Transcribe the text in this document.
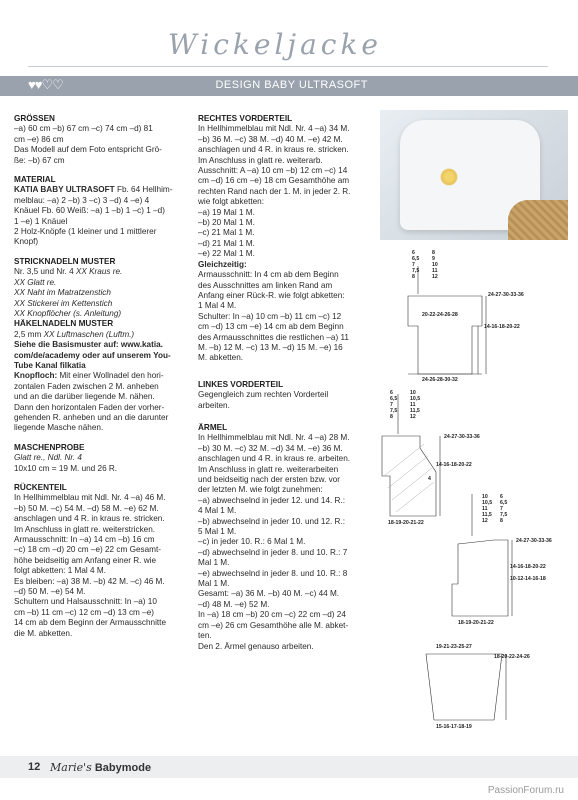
Wickeljacke
♥♥♡♡	DESIGN BABY ULTRASOFT

GRÖSSEN

–a) 60 cm –b) 67 cm –c) 74 cm –d) 81

cm –e) 86 cm

Das Modell auf dem Foto entspricht Grö-

ße: –b) 67 cm

MATERIAL

KATIA BABY ULTRASOFT Fb. 64 Hellhim-

melblau: –a) 2 –b) 3 –c) 3 –d) 4 –e) 4

Knäuel Fb. 60 Weiß: –a) 1 –b) 1 –c) 1 –d)

1 –e) 1 Knäuel

2 Holz-Knöpfe (1 kleiner und 1 mittlerer

Knopf)

STRICKNADELN MUSTER

Nr. 3,5 und Nr. 4 XX Kraus re.

XX Glatt re.

XX Naht im Matratzenstich

XX Stickerei im Kettenstich

XX Knopflöcher (s. Anleitung)

HÄKELNADELN MUSTER

2,5 mm XX Luftmaschen (Luftm.)

Siehe die Basismuster auf: www.katia.

com/de/academy oder auf unserem You-

Tube Kanal filkatia

Knopfloch: Mit einer Wollnadel den hori-

zontalen Faden zwischen 2 M. anheben

und an die darüber liegende M. nähen.

Dann den horizontalen Faden der vorher-

gehenden R. anheben und an die darunter

liegende Masche nähen.

MASCHENPROBE

Glatt re., Ndl. Nr. 4

10x10 cm = 19 M. und 26 R.

RÜCKENTEIL

In Hellhimmelblau mit Ndl. Nr. 4 –a) 46 M.

–b) 50 M. –c) 54 M. –d) 58 M. –e) 62 M.

anschlagen und 4 R. in kraus re. stricken.

Im Anschluss in glatt re. weiterstricken.

Armausschnitt: In –a) 14 cm –b) 16 cm

–c) 18 cm –d) 20 cm –e) 22 cm Gesamt-

höhe beidseitig am Anfang einer R. wie

folgt abketten: 1 Mal 4 M.

Es bleiben: –a) 38 M. –b) 42 M. –c) 46 M.

–d) 50 M. –e) 54 M.

Schultern und Halsausschnitt: In –a) 10

cm –b) 11 cm –c) 12 cm –d) 13 cm –e)

14 cm ab dem Beginn der Armausschnitte

die M. abketten.

RECHTES VORDERTEIL

In Hellhimmelblau mit Ndl. Nr. 4 –a) 34 M.

–b) 36 M. –c) 38 M. –d) 40 M. –e) 42 M.

anschlagen und 4 R. in kraus re. stricken.

Im Anschluss in glatt re. weiterarb.

Ausschnitt: A –a) 10 cm –b) 12 cm –c) 14

cm –d) 16 cm –e) 18 cm Gesamthöhe am

rechten Rand nach der 1. M. in jeder 2. R.

wie folgt abketten:

–a) 19 Mal 1 M.

–b) 20 Mal 1 M.

–c) 21 Mal 1 M.

–d) 21 Mal 1 M.

–e) 22 Mal 1 M.

Gleichzeitig:

Armausschnitt: In 4 cm ab dem Beginn

des Ausschnittes am linken Rand am

Anfang einer Rück-R. wie folgt abketten:

1 Mal 4 M.

Schulter: In –a) 10 cm –b) 11 cm –c) 12

cm –d) 13 cm –e) 14 cm ab dem Beginn

des Armausschnittes die restlichen –a) 11

M. –b) 12 M. –c) 13 M. –d) 15 M. –e) 16

M. abketten.

LINKES VORDERTEIL

Gegengleich zum rechten Vorderteil

arbeiten.

ÄRMEL

In Hellhimmelblau mit Ndl. Nr. 4 –a) 28 M.

–b) 30 M. –c) 32 M. –d) 34 M. –e) 36 M.

anschlagen und 4 R. in kraus re. arbeiten.

Im Anschluss in glatt re. weiterarbeiten

und beidseitig nach der ersten bzw. vor

der letzten M. wie folgt zunehmen:

–a) abwechselnd in jeder 12. und 14. R.:

4 Mal 1 M.

–b) abwechselnd in jeder 10. und 12. R.:

5 Mal 1 M.

–c) in jeder 10. R.: 6 Mal 1 M.

–d) abwechselnd in jeder 8. und 10. R.: 7

Mal 1 M.

–e) abwechselnd in jeder 8. und 10. R.: 8

Mal 1 M.

Gesamt: –a) 36 M. –b) 40 M. –c) 44 M.

–d) 48 M. –e) 52 M.

In –a) 18 cm –b) 20 cm –c) 22 cm –d) 24

cm –e) 26 cm Gesamthöhe alle M. abket-

ten.

Den 2. Ärmel genauso arbeiten.

6 6,5 7 7,5 8
8 9 10 11 12
20-22-24-26-28
24-27-30-33-36
14-16-18-20-22
24-26-28-30-32
6 6,5 7 7,5 8
10 10,5 11 11,5 12
24-27-30-33-36
14-16-18-20-22
4
18-19-20-21-22
10 10,5 11 11,5 12
6 6,5 7 7,5 8
24-27-30-33-36
14-16-18-20-22
10-12-14-16-18
18-19-20-21-22
19-21-23-25-27
18-20-22-24-26
15-16-17-18-19
12 Marie's Babymode
PassionForum.ru
